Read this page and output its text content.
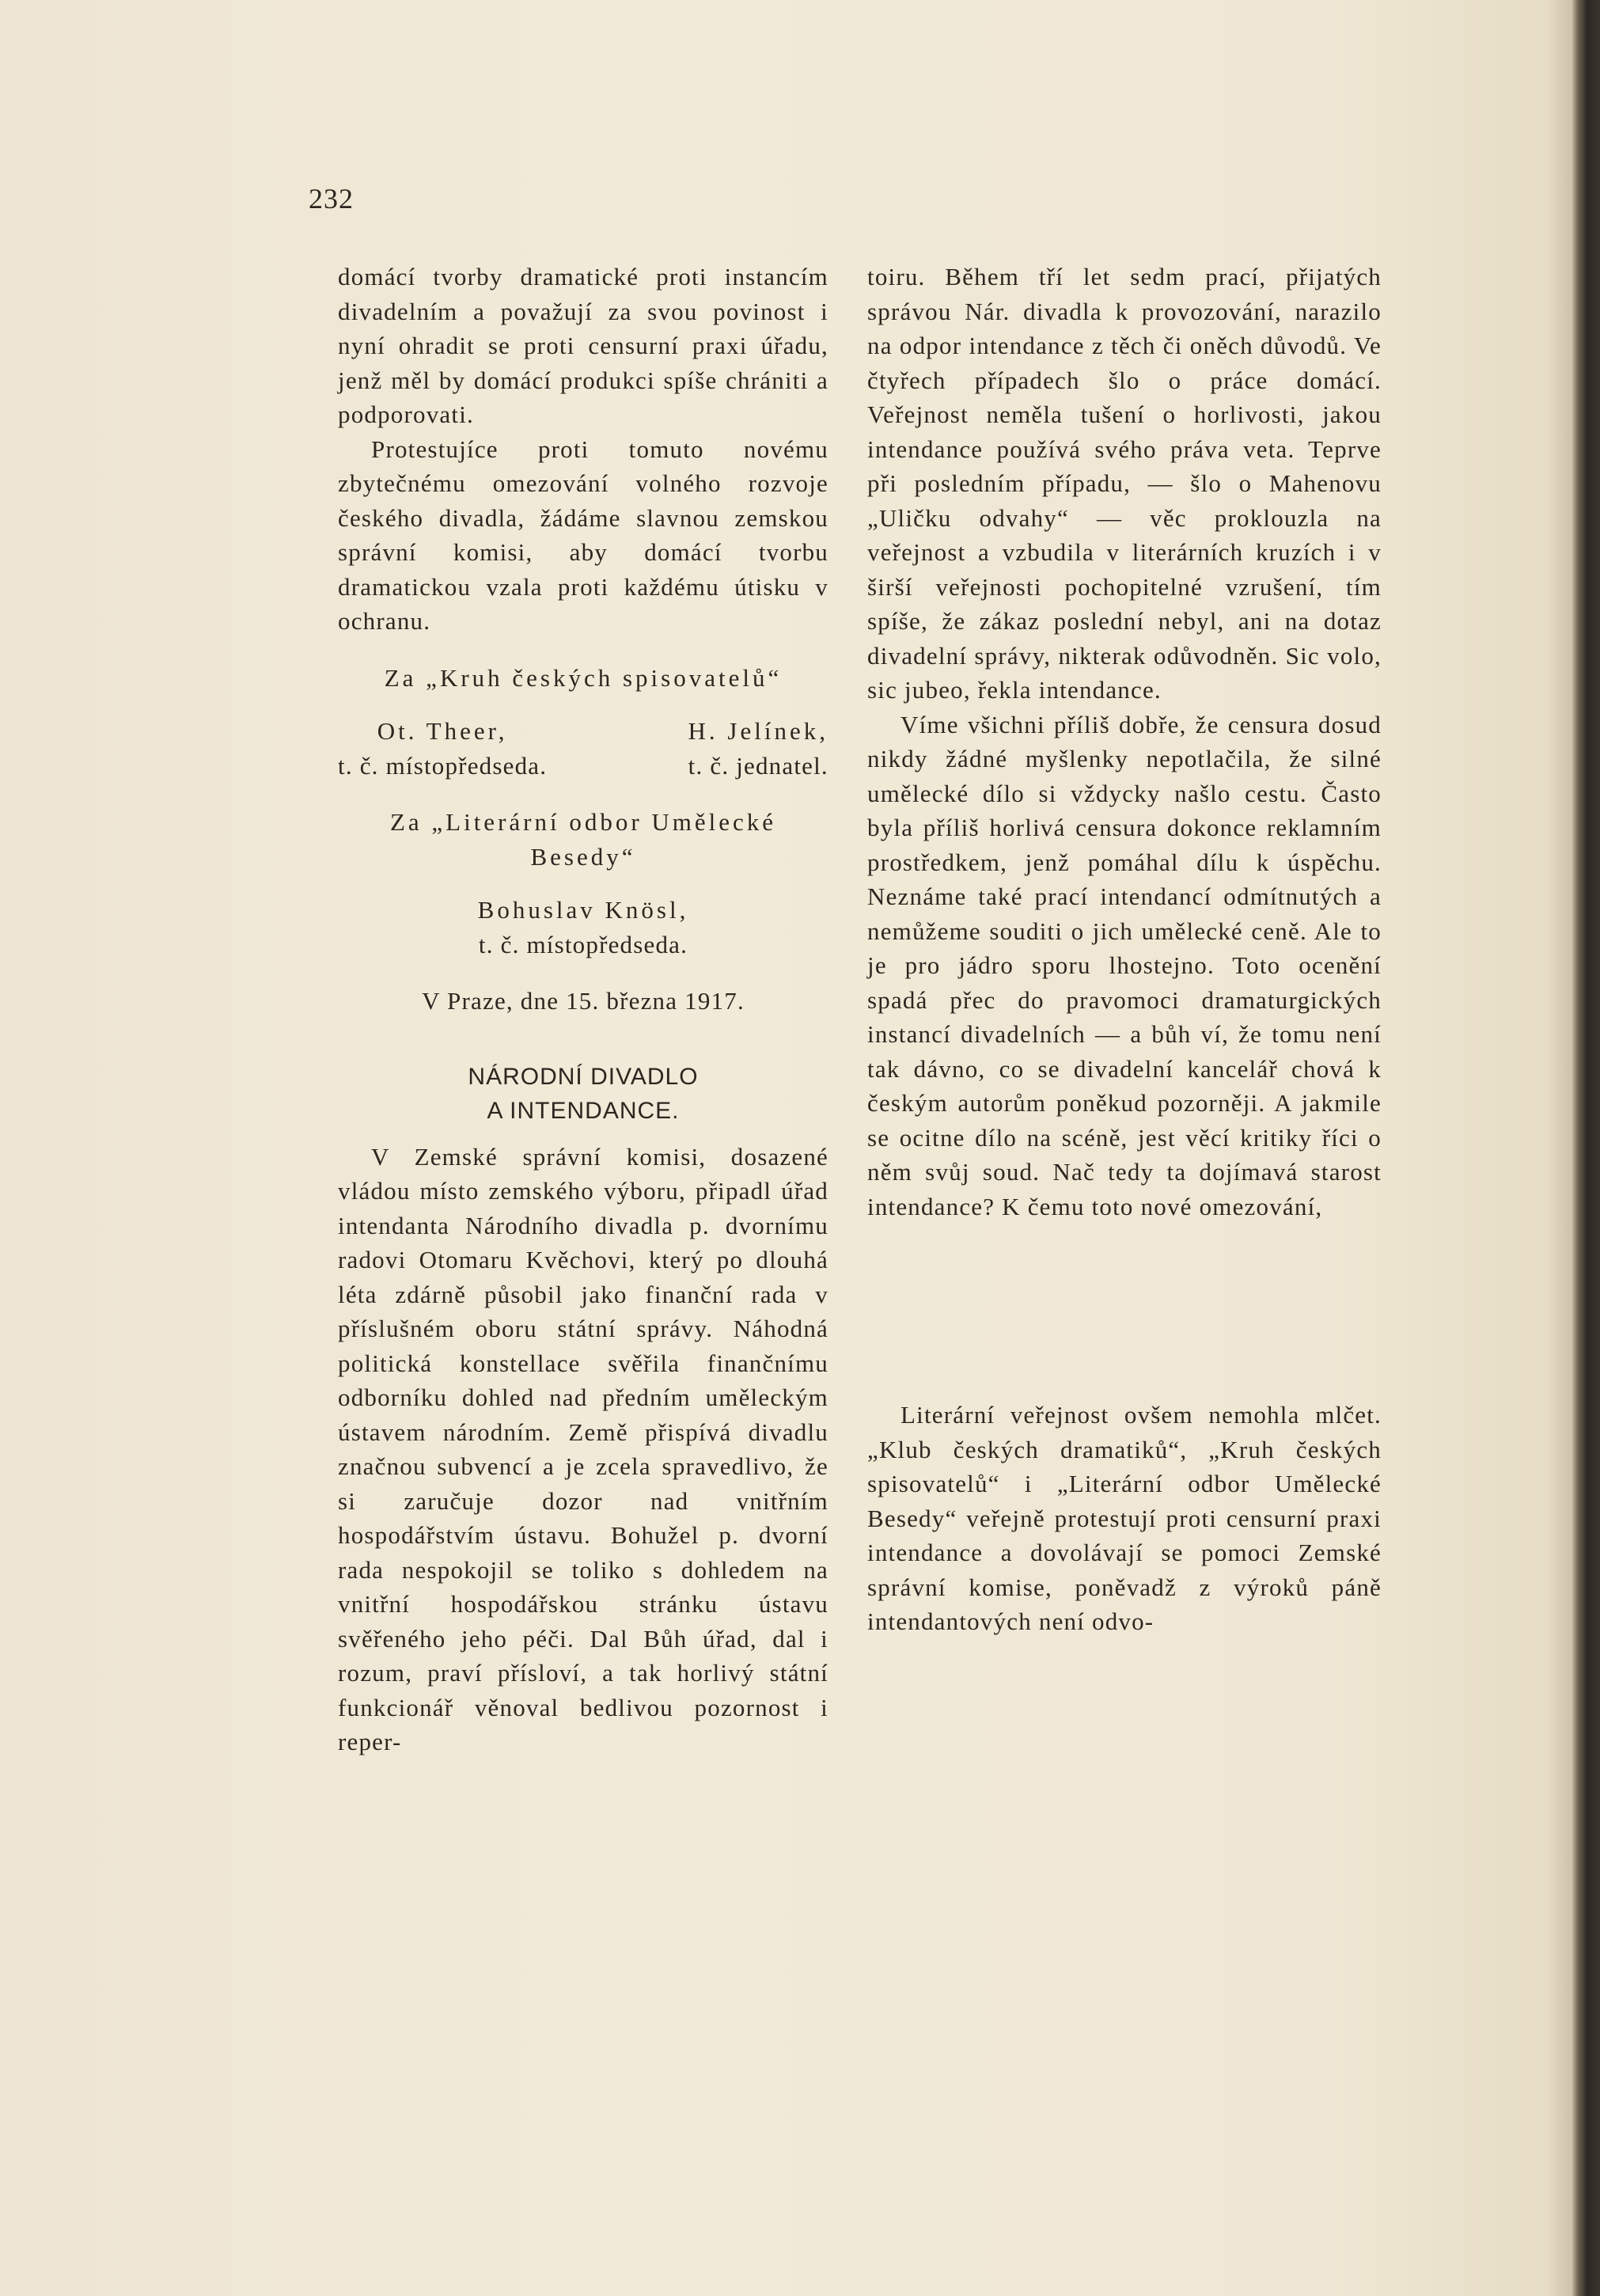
232

domácí tvorby dramatické proti instancím divadelním a považují za svou povinost i nyní ohradit se proti censurní praxi úřadu, jenž měl by domácí produkci spíše chrániti a podporovati.

Protestujíce proti tomuto novému zbytečnému omezování volného rozvoje českého divadla, žádáme slavnou zemskou správní komisi, aby domácí tvorbu dramatickou vzala proti každému útisku v ochranu.

Za „Kruh českých spisovatelů“
Ot. Theer,
t. č. místopředseda.
H. Jelínek,
t. č. jednatel.
Za „Literární odbor Umělecké
Besedy“
Bohuslav Knösl,
t. č. místopředseda.
V Praze, dne 15. března 1917.
NÁRODNÍ DIVADLO
A INTENDANCE.

V Zemské správní komisi, dosazené vládou místo zemského výboru, připadl úřad intendanta Národního divadla p. dvornímu radovi Otomaru Kvěchovi, který po dlouhá léta zdárně působil jako finanční rada v příslušném oboru státní správy. Náhodná politická konstellace svěřila finančnímu odborníku dohled nad předním uměleckým ústavem národním. Země přispívá divadlu značnou subvencí a je zcela spravedlivo, že si zaručuje dozor nad vnitřním hospodářstvím ústavu. Bohužel p. dvorní rada nespokojil se toliko s dohledem na vnitřní hospodářskou stránku ústavu svěřeného jeho péči. Dal Bůh úřad, dal i rozum, praví přísloví, a tak horlivý státní funkcionář věnoval bedlivou pozornost i reper-

toiru. Během tří let sedm prací, přijatých správou Nár. divadla k provozování, narazilo na odpor intendance z těch či oněch důvodů. Ve čtyřech případech šlo o práce domácí. Veřejnost neměla tušení o horlivosti, jakou intendance používá svého práva veta. Teprve při posledním případu, — šlo o Mahenovu „Uličku odvahy“ — věc proklouzla na veřejnost a vzbudila v literárních kruzích i v širší veřejnosti pochopitelné vzrušení, tím spíše, že zákaz poslední nebyl, ani na dotaz divadelní správy, nikterak odůvodněn. Sic volo, sic jubeo, řekla intendance.

Víme všichni příliš dobře, že censura dosud nikdy žádné myšlenky nepotlačila, že silné umělecké dílo si vždycky našlo cestu. Často byla příliš horlivá censura dokonce reklamním prostředkem, jenž pomáhal dílu k úspěchu. Neznáme také prací intendancí odmítnutých a nemůžeme souditi o jich umělecké ceně. Ale to je pro jádro sporu lhostejno. Toto ocenění spadá přec do pravomoci dramaturgických instancí divadelních — a bůh ví, že tomu není tak dávno, co se divadelní kancelář chová k českým autorům poněkud pozorněji. A jakmile se ocitne dílo na scéně, jest věcí kritiky říci o něm svůj soud. Nač tedy ta dojímavá starost intendance? K čemu toto nové omezování,

Literární veřejnost ovšem nemohla mlčet. „Klub českých dramatiků“, „Kruh českých spisovatelů“ i „Literární odbor Umělecké Besedy“ veřejně protestují proti censurní praxi intendance a dovolávají se pomoci Zemské správní komise, poněvadž z výroků páně intendantových není odvo-
